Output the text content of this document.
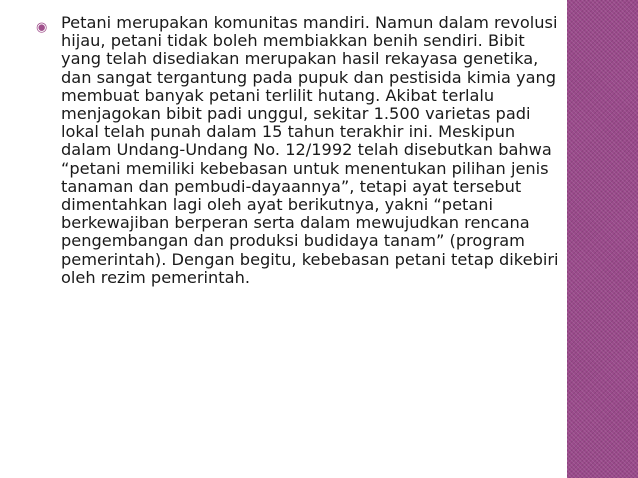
◉ Petani merupakan komunitas mandiri. Namun dalam revolusi hijau, petani tidak boleh membiakkan benih sendiri. Bibit yang telah disediakan merupakan hasil rekayasa genetika, dan sangat tergantung pada pupuk dan pestisida kimia yang membuat banyak petani terlilit hutang. Akibat terlalu menjagokan bibit padi unggul, sekitar 1.500 varietas padi lokal telah punah dalam 15 tahun terakhir ini. Meskipun dalam Undang-Undang No. 12/1992 telah disebutkan bahwa “petani memiliki kebebasan untuk menentukan pilihan jenis tanaman dan pembudi-dayaannya”, tetapi ayat tersebut dimentahkan lagi oleh ayat berikutnya, yakni “petani berkewajiban berperan serta dalam mewujudkan rencana pengembangan dan produksi budidaya tanam” (program pemerintah). Dengan begitu, kebebasan petani tetap dikebiri oleh rezim pemerintah.
